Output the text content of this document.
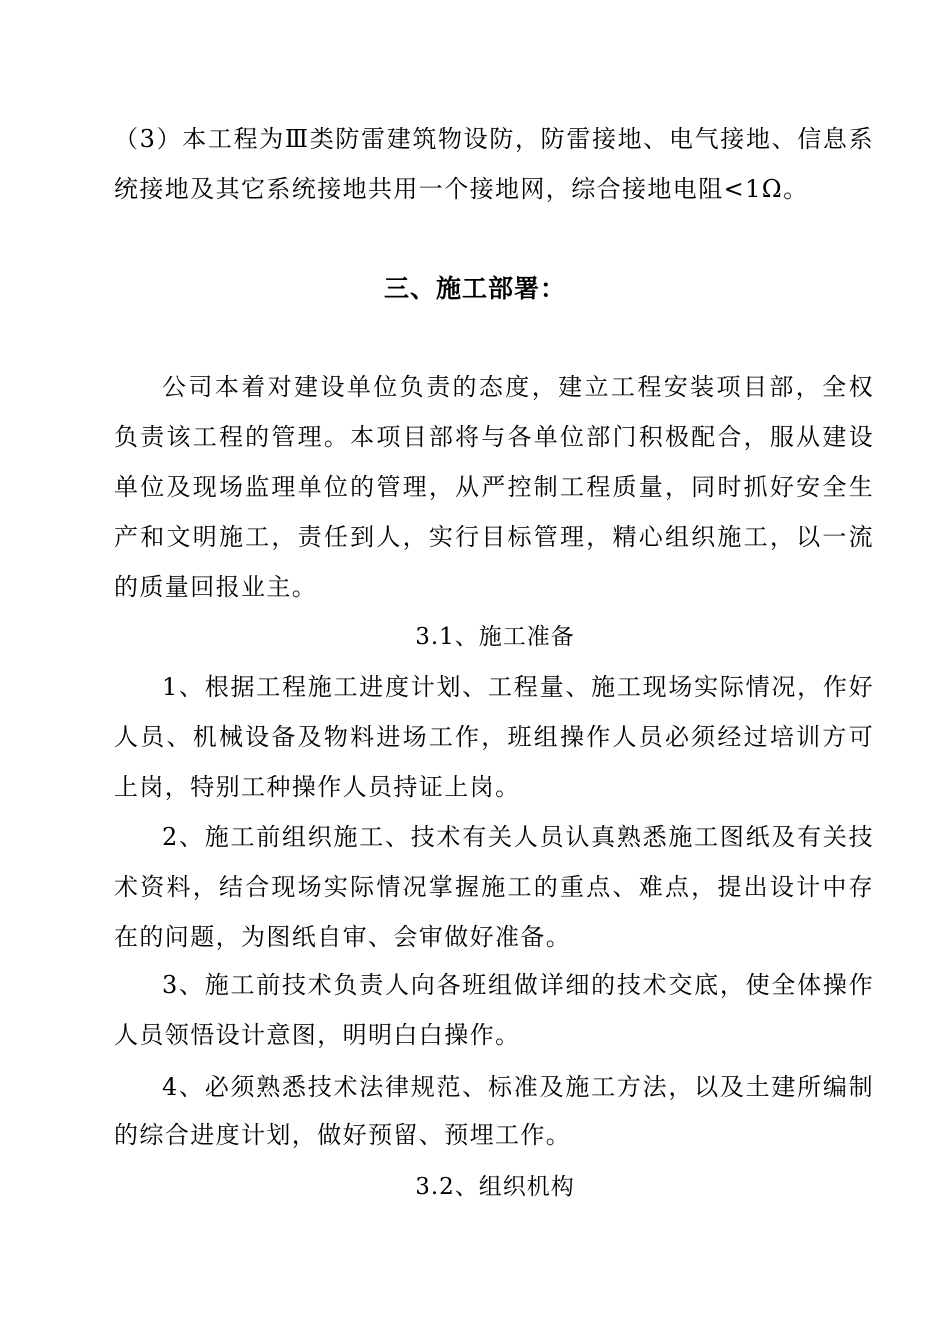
（3）本工程为Ⅲ类防雷建筑物设防，防雷接地、电气接地、信息系
统接地及其它系统接地共用一个接地网，综合接地电阻<1Ω。
三、施工部署：
公司本着对建设单位负责的态度，建立工程安装项目部，全权
负责该工程的管理。本项目部将与各单位部门积极配合，服从建设
单位及现场监理单位的管理，从严控制工程质量，同时抓好安全生
产和文明施工，责任到人，实行目标管理，精心组织施工，以一流
的质量回报业主。
3.1、施工准备
1、根据工程施工进度计划、工程量、施工现场实际情况，作好
人员、机械设备及物料进场工作，班组操作人员必须经过培训方可
上岗，特别工种操作人员持证上岗。
2、施工前组织施工、技术有关人员认真熟悉施工图纸及有关技
术资料，结合现场实际情况掌握施工的重点、难点，提出设计中存
在的问题，为图纸自审、会审做好准备。
3、施工前技术负责人向各班组做详细的技术交底，使全体操作
人员领悟设计意图，明明白白操作。
4、必须熟悉技术法律规范、标准及施工方法，以及土建所编制
的综合进度计划，做好预留、预埋工作。
3.2、组织机构
